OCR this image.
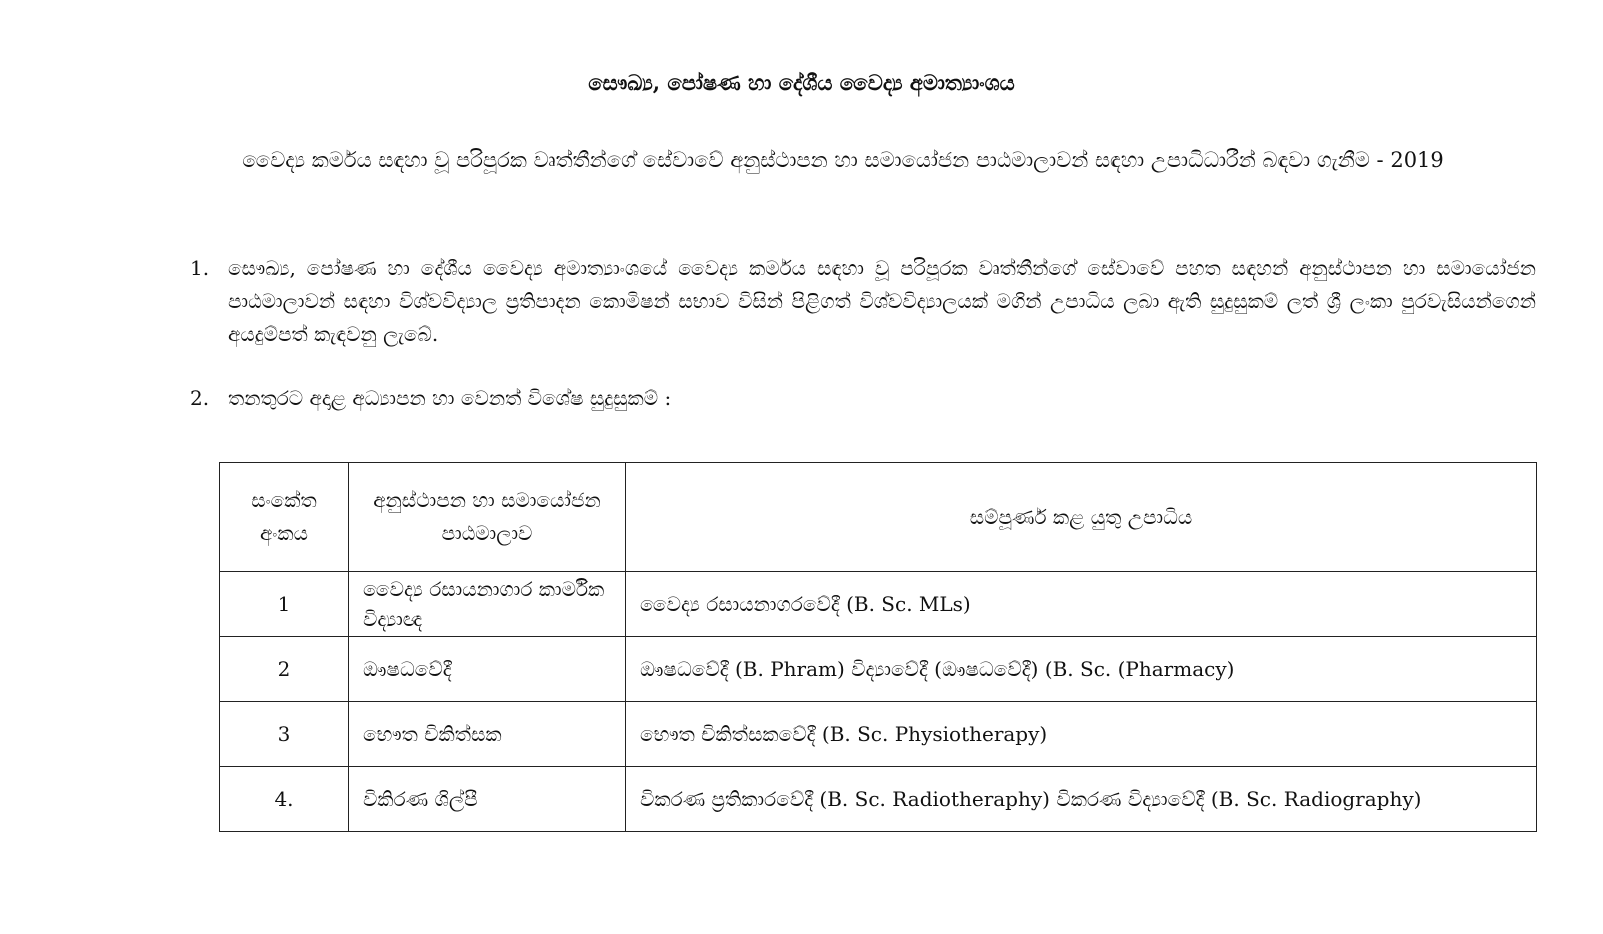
සෞඛ්‍ය, පෝෂණ හා දේශීය වෛද්‍ය අමාත්‍යාංශය
වෛද්‍ය කර්මය සඳහා වූ පරිපූරක වෘත්තීන්ගේ සේවාවේ අනුස්ථාපන හා සමායෝජන පාඨමාලාවන් සඳහා උපාධිධාරීන් බඳවා ගැනීම - 2019
1. සෞඛ්‍ය, පෝෂණ හා දේශීය වෛද්‍ය අමාත්‍යාංශයේ වෛද්‍ය කර්මය සඳහා වූ පරිපූරක වෘත්තීන්ගේ සේවාවේ පහත සඳහන් අනුස්ථාපන හා සමායෝජන පාඨමාලාවන් සඳහා විශ්වවිද්‍යාල ප්‍රතිපාදන කොමිෂන් සභාව විසින් පිළිගත් විශ්වවිද්‍යාලයක් මගින් උපාධිය ලබා ඇති සුදුසුකම් ලත් ශ්‍රී ලංකා පුරවැසියන්ගෙන් අයදුම්පත් කැඳවනු ලැබේ.
2. තනතුරට අදාළ අධ්‍යාපන හා වෙනත් විශේෂ සුදුසුකම් :
සංකේත අංකය	අනුස්ථාපන හා සමායෝජන පාඨමාලාව	සම්පූර්ණ කළ යුතු උපාධිය
1	වෛද්‍ය රසායනාගාර කාර්මික විද්‍යාඥ	වෛද්‍ය රසායනාගරවේදී (B. Sc. MLs)
2	ඖෂධවේදී	ඖෂධවේදී (B. Phram) විද්‍යාවේදී (ඖෂධවේදී) (B. Sc. (Pharmacy)
3	භෞත චිකිත්සක	භෞත චිකිත්සකවේදී (B. Sc. Physiotherapy)
4.	විකිරණ ශිල්පී	විකරණ ප්‍රතිකාරවේදී (B. Sc. Radiotheraphy) විකරණ විද්‍යාවේදී (B. Sc. Radiography)
